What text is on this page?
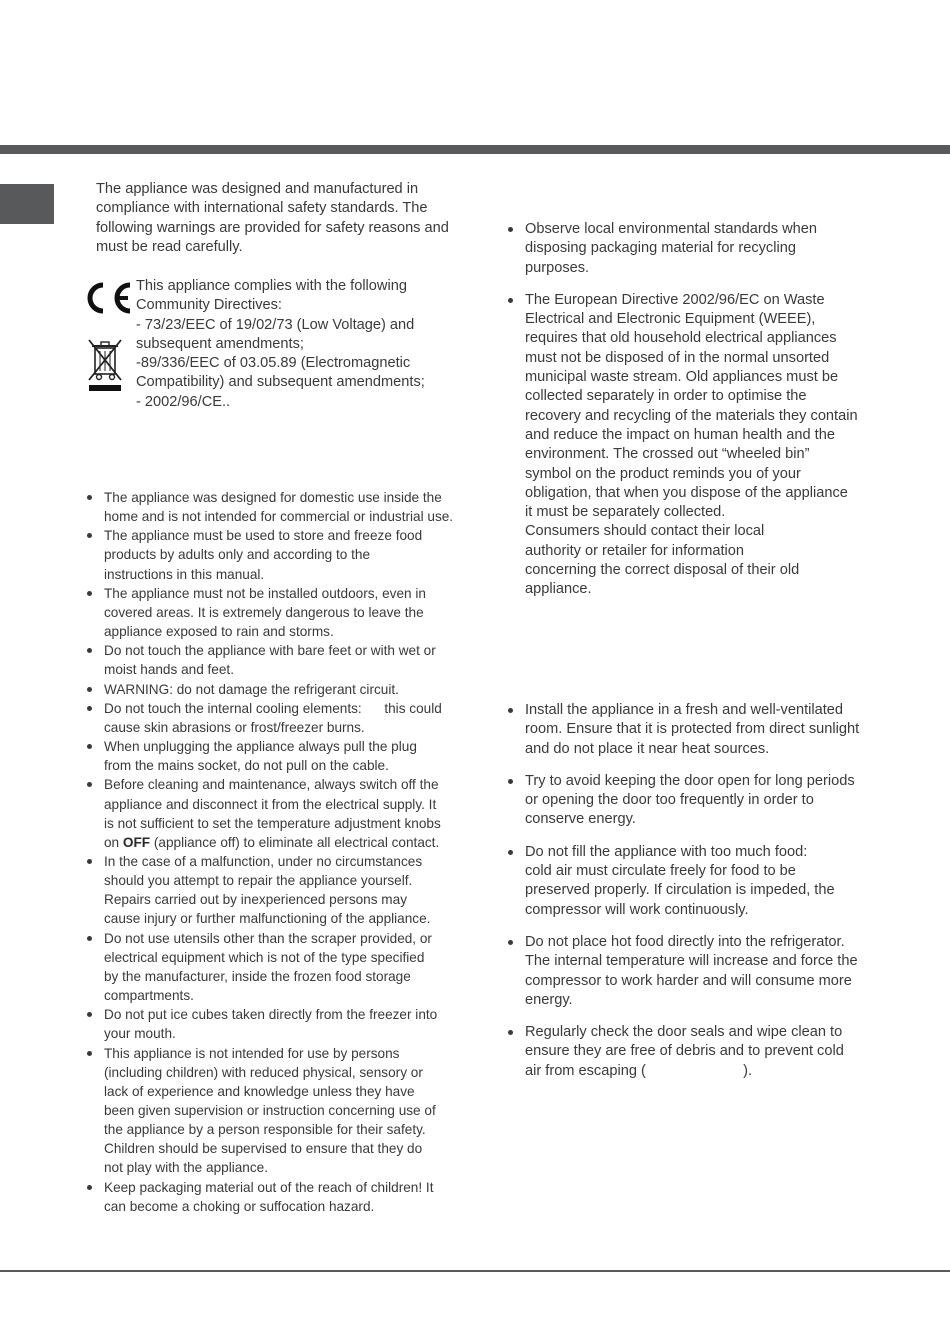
The appliance was designed and manufactured in
compliance with international safety standards. The
following warnings are provided for safety reasons and
must be read carefully.

This appliance complies with the following
Community Directives:
- 73/23/EEC of 19/02/73 (Low Voltage) and
subsequent amendments;
-89/336/EEC of 03.05.89 (Electromagnetic
Compatibility) and subsequent amendments;
- 2002/96/CE..
The appliance was designed for domestic use inside the
home and is not intended for commercial or industrial use.
The appliance must be used to store and freeze food
products by adults only and according to the
instructions in this manual.
The appliance must not be installed outdoors, even in
covered areas. It is extremely dangerous to leave the
appliance exposed to rain and storms.
Do not touch the appliance with bare feet or with wet or
moist hands and feet.
WARNING: do not damage the refrigerant circuit.
Do not touch the internal cooling elements:      this could
cause skin abrasions or frost/freezer burns.
When unplugging the appliance always pull the plug
from the mains socket, do not pull on the cable.
Before cleaning and maintenance, always switch off the
appliance and disconnect it from the electrical supply. It
is not sufficient to set the temperature adjustment knobs
on OFF (appliance off) to eliminate all electrical contact.
In the case of a malfunction, under no circumstances
should you attempt to repair the appliance yourself.
Repairs carried out by inexperienced persons may
cause injury or further malfunctioning of the appliance.
Do not use utensils other than the scraper provided, or
electrical equipment which is not of the type specified
by the manufacturer, inside the frozen food storage
compartments.
Do not put ice cubes taken directly from the freezer into
your mouth.
This appliance is not intended for use by persons
(including children) with reduced physical, sensory or
lack of experience and knowledge unless they have
been given supervision or instruction concerning use of
the appliance by a person responsible for their safety.
Children should be supervised to ensure that they do
not play with the appliance.
Keep packaging material out of the reach of children! It
can become a choking or suffocation hazard.
Observe local environmental standards when
disposing packaging material for recycling
purposes.
The European Directive 2002/96/EC on Waste
Electrical and Electronic Equipment (WEEE),
requires that old household electrical appliances
must not be disposed of in the normal unsorted
municipal waste stream. Old appliances must be
collected separately in order to optimise the
recovery and recycling of the materials they contain
and reduce the impact on human health and the
environment. The crossed out “wheeled bin”
symbol on the product reminds you of your
obligation, that when you dispose of the appliance
it must be separately collected.
Consumers should contact their local
authority or retailer for information
concerning the correct disposal of their old
appliance.
Install the appliance in a fresh and well-ventilated
room. Ensure that it is protected from direct sunlight
and do not place it near heat sources.
Try to avoid keeping the door open for long periods
or opening the door too frequently in order to
conserve energy.
Do not fill the appliance with too much food:
cold air must circulate freely for food to be
preserved properly. If circulation is impeded, the
compressor will work continuously.
Do not place hot food directly into the refrigerator.
The internal temperature will increase and force the
compressor to work harder and will consume more
energy.
Regularly check the door seals and wipe clean to
ensure they are free of debris and to prevent cold
air from escaping (                        ).
